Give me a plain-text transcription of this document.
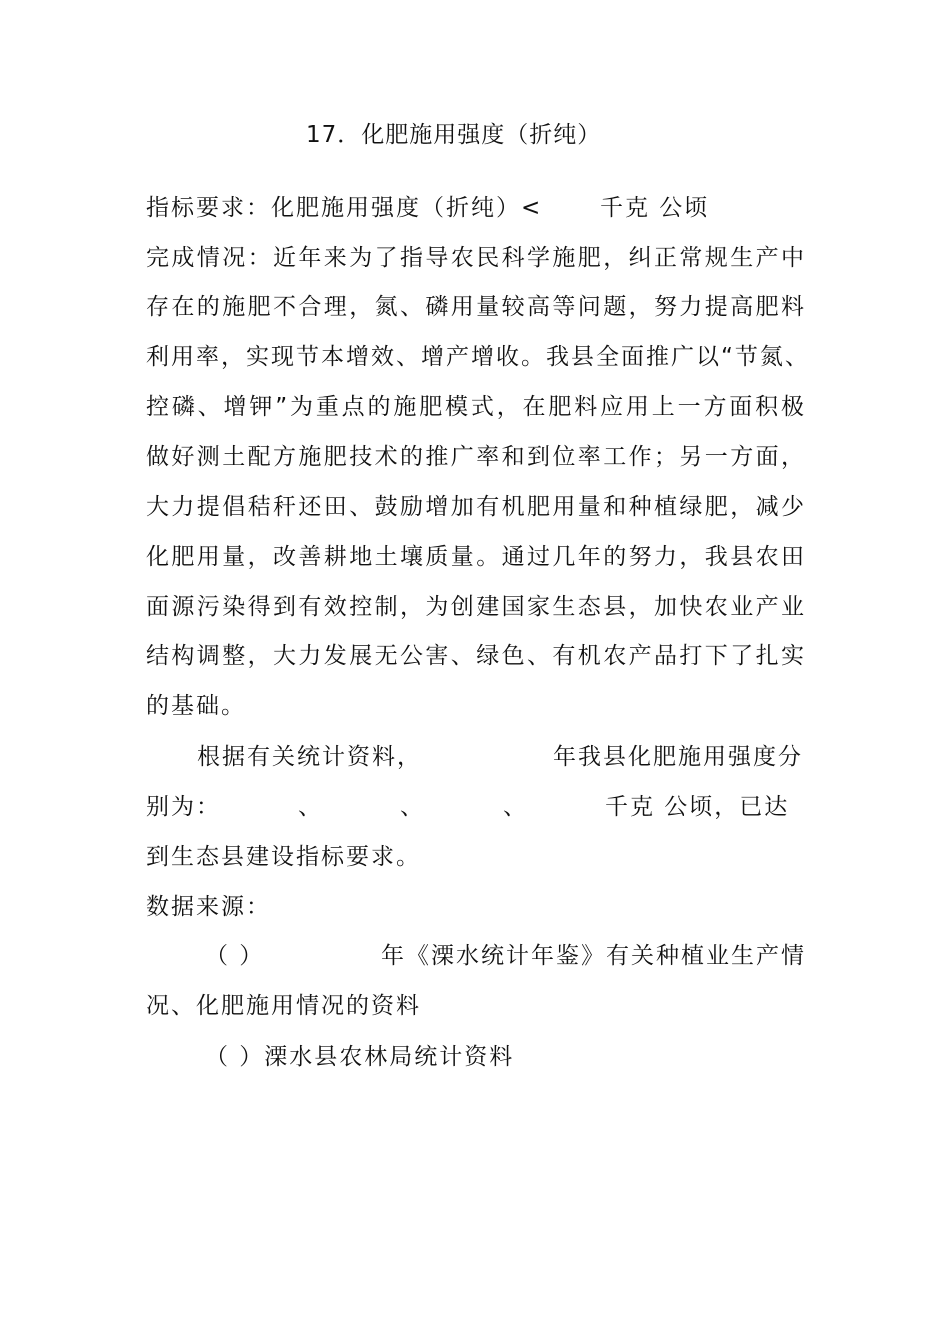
17．化肥施用强度（折纯）
指标要求：化肥施用强度（折纯）<	千克 公顷
完成情况：近年来为了指导农民科学施肥，纠正常规生产中
存在的施肥不合理，氮、磷用量较高等问题，努力提高肥料
利用率，实现节本增效、增产增收。我县全面推广以“节氮、
控磷、增钾”为重点的施肥模式，在肥料应用上一方面积极
做好测土配方施肥技术的推广率和到位率工作；另一方面，
大力提倡秸秆还田、鼓励增加有机肥用量和种植绿肥，减少
化肥用量，改善耕地土壤质量。通过几年的努力，我县农田
面源污染得到有效控制，为创建国家生态县，加快农业产业
结构调整，大力发展无公害、绿色、有机农产品打下了扎实
的基础。
根据有关统计资料，	年我县化肥施用强度分
别为：	、	、	、	千克 公顷，已达
到生态县建设指标要求。
数据来源：
（ ）	年《溧水统计年鉴》有关种植业生产情
况、化肥施用情况的资料
（ ）溧水县农林局统计资料
